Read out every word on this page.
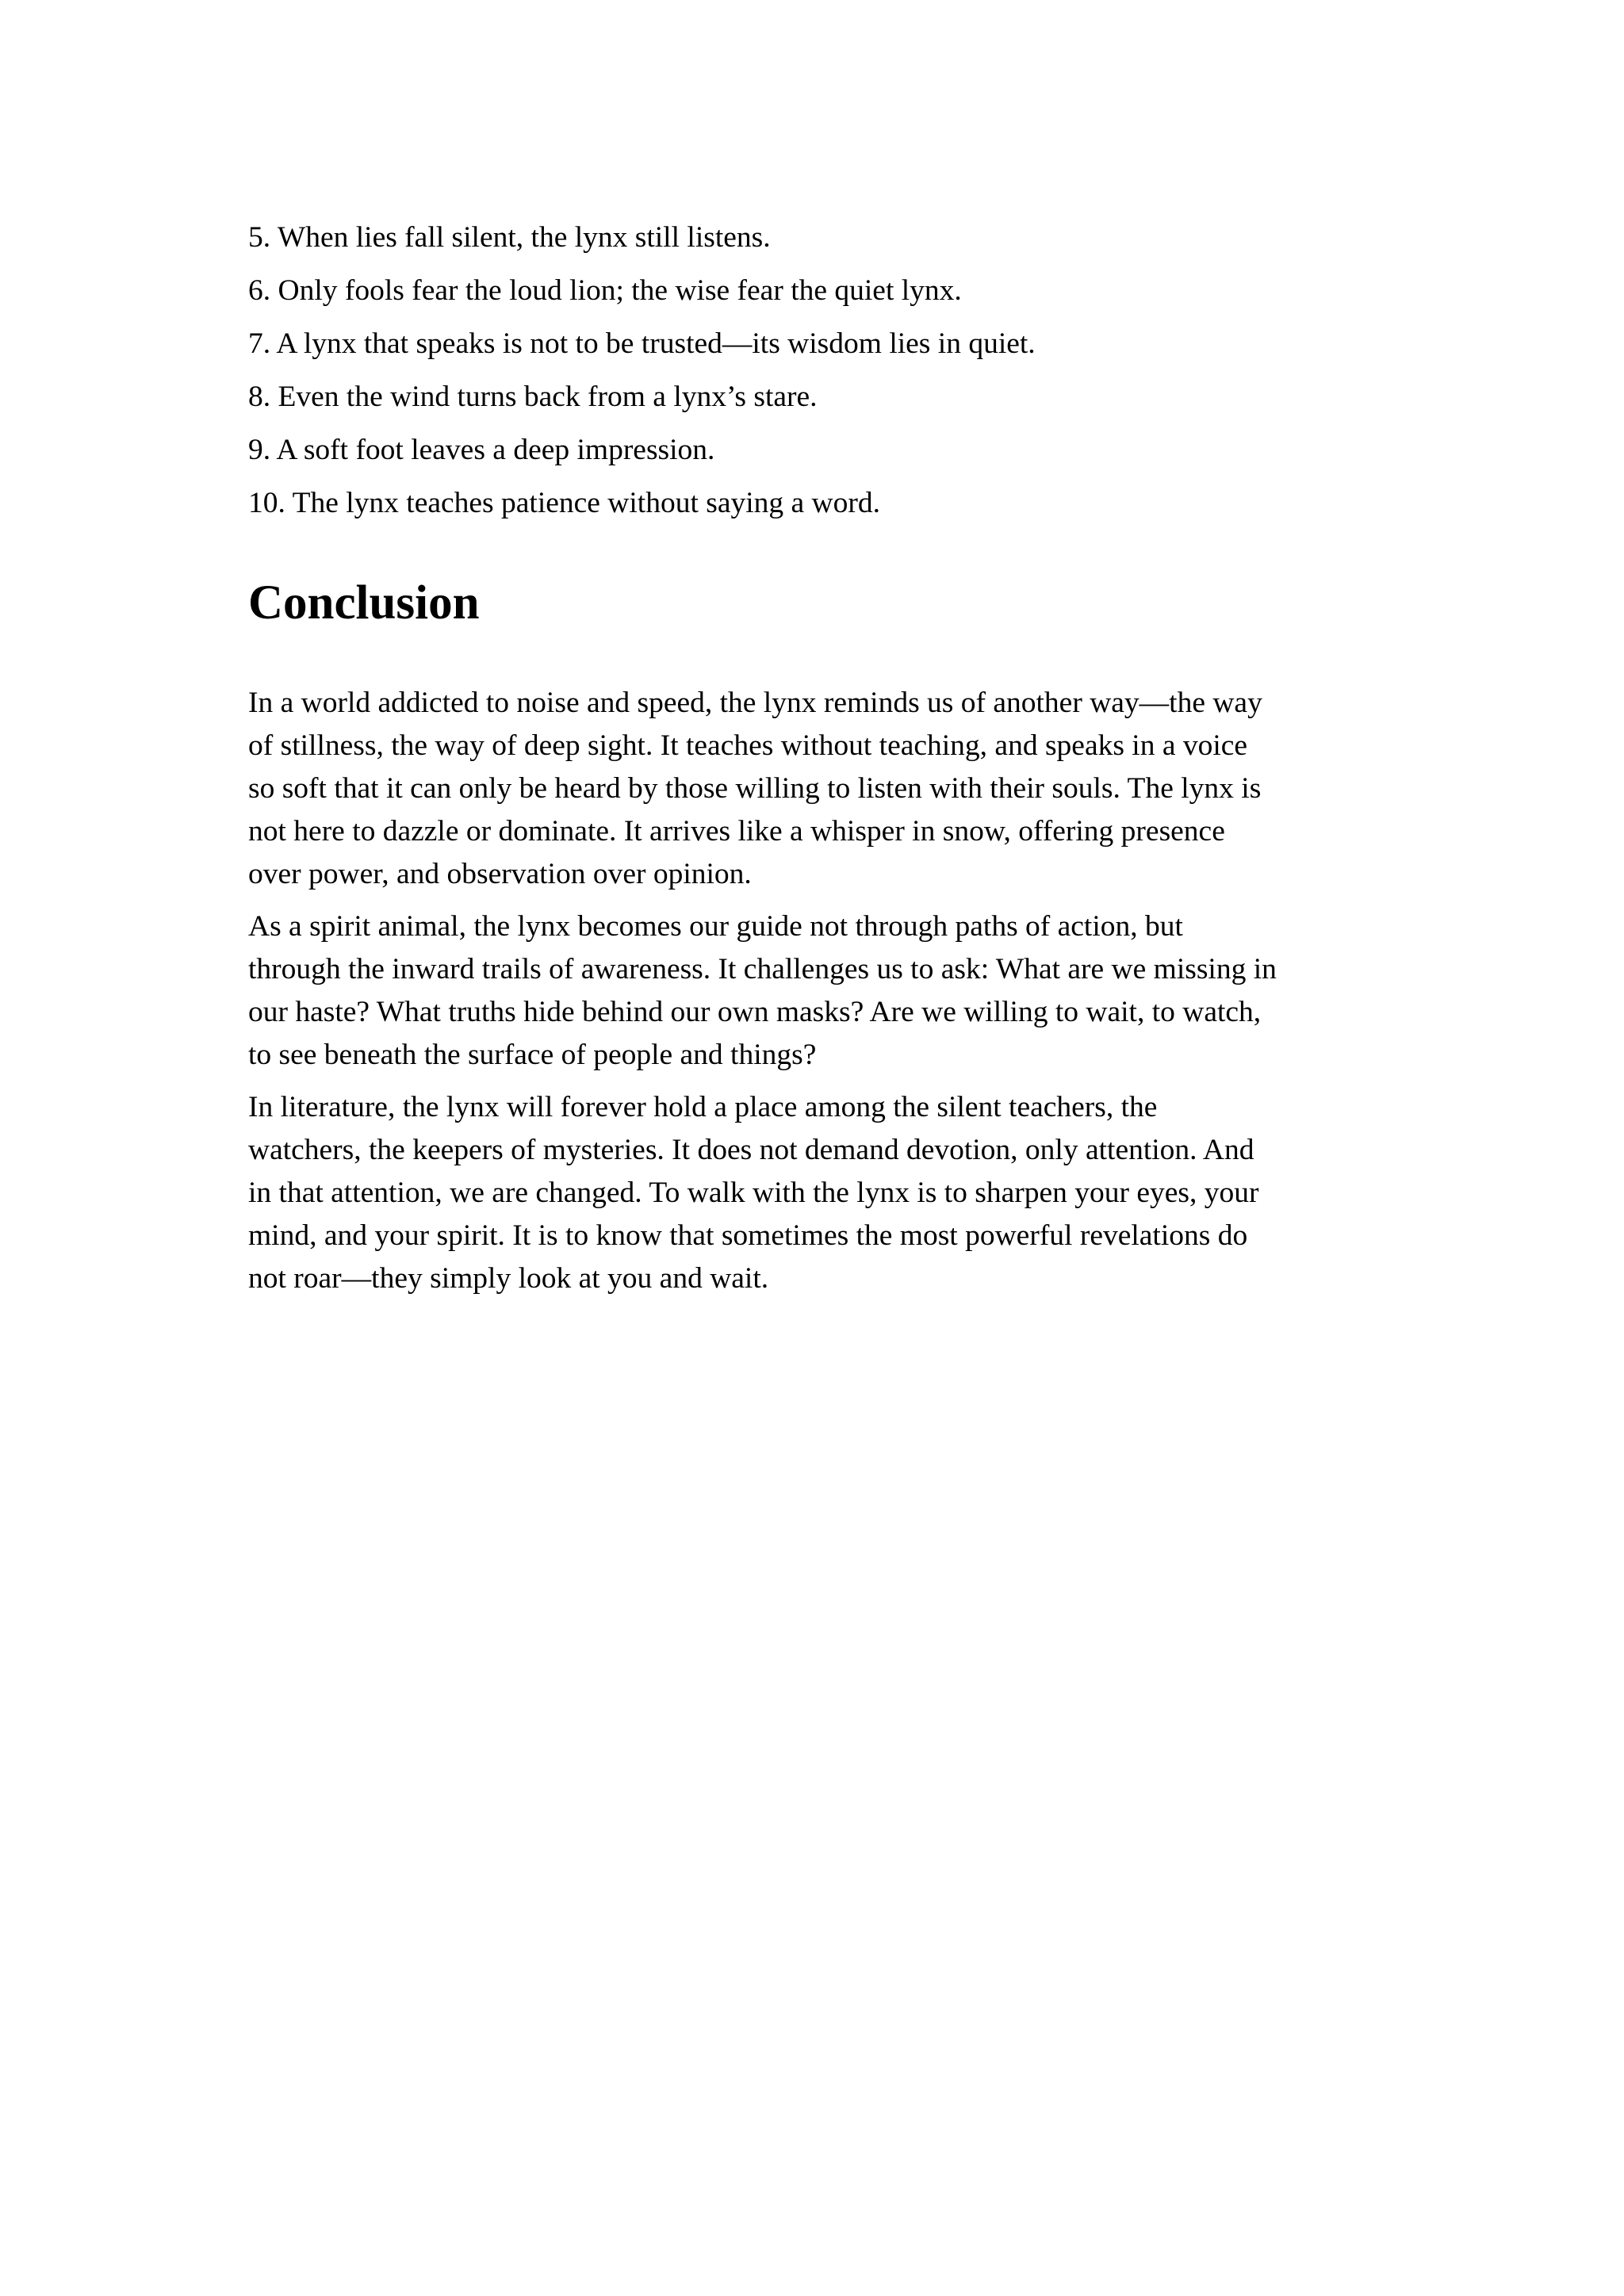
5. When lies fall silent, the lynx still listens.
6. Only fools fear the loud lion; the wise fear the quiet lynx.
7. A lynx that speaks is not to be trusted—its wisdom lies in quiet.
8. Even the wind turns back from a lynx’s stare.
9. A soft foot leaves a deep impression.
10. The lynx teaches patience without saying a word.
Conclusion

In a world addicted to noise and speed, the lynx reminds us of another way—the way
of stillness, the way of deep sight. It teaches without teaching, and speaks in a voice
so soft that it can only be heard by those willing to listen with their souls. The lynx is
not here to dazzle or dominate. It arrives like a whisper in snow, offering presence
over power, and observation over opinion.

As a spirit animal, the lynx becomes our guide not through paths of action, but
through the inward trails of awareness. It challenges us to ask: What are we missing in
our haste? What truths hide behind our own masks? Are we willing to wait, to watch,
to see beneath the surface of people and things?

In literature, the lynx will forever hold a place among the silent teachers, the
watchers, the keepers of mysteries. It does not demand devotion, only attention. And
in that attention, we are changed. To walk with the lynx is to sharpen your eyes, your
mind, and your spirit. It is to know that sometimes the most powerful revelations do
not roar—they simply look at you and wait.
